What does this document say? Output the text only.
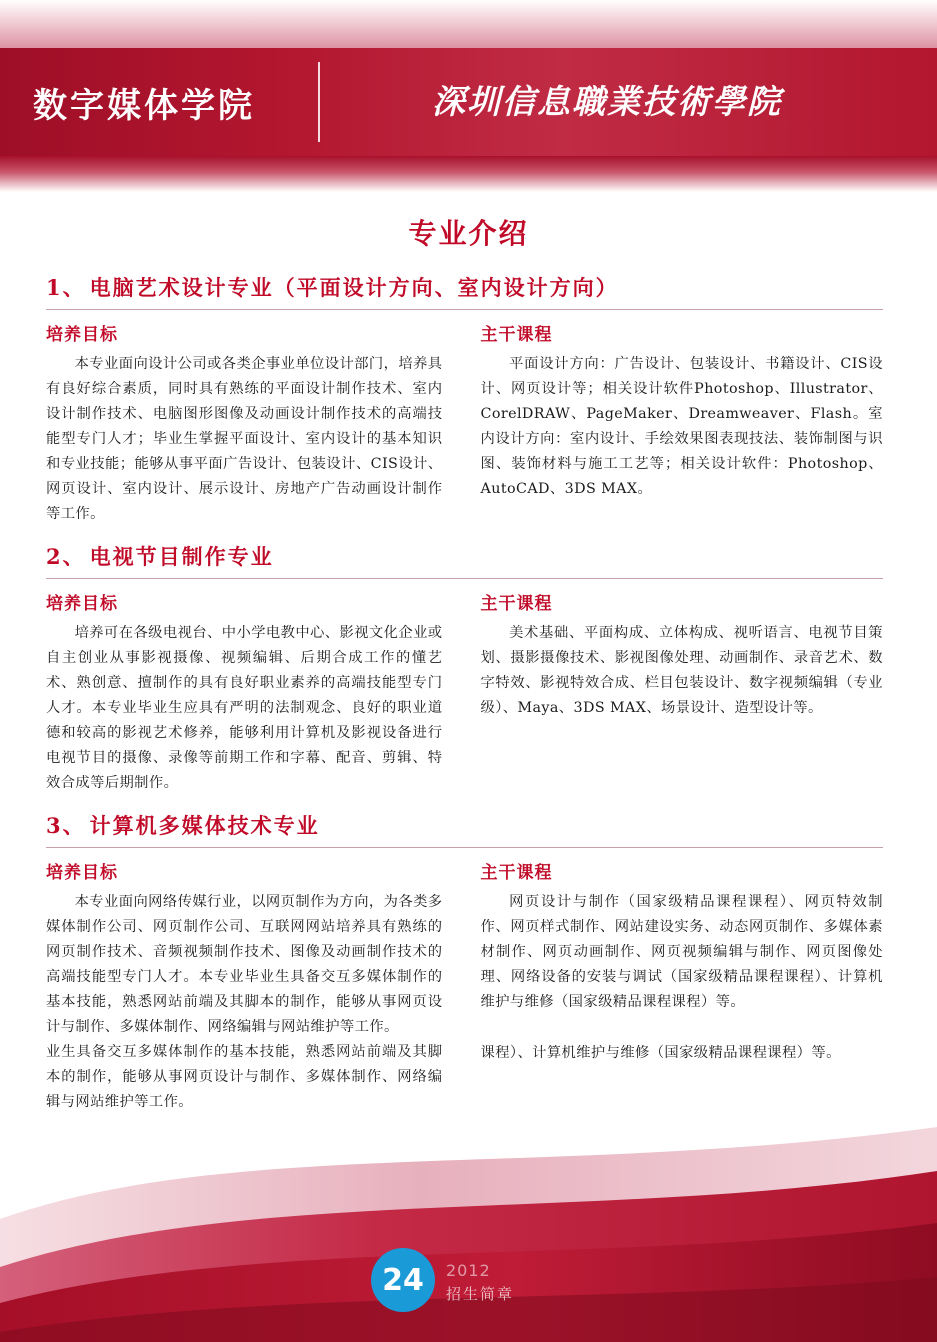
数字媒体学院	深圳信息職業技術學院
专业介绍
1、 电脑艺术设计专业（平面设计方向、室内设计方向）
培养目标
本专业面向设计公司或各类企事业单位设计部门，培养具有良好综合素质，同时具有熟练的平面设计制作技术、室内设计制作技术、电脑图形图像及动画设计制作技术的高端技能型专门人才；毕业生掌握平面设计、室内设计的基本知识和专业技能；能够从事平面广告设计、包装设计、CIS设计、网页设计、室内设计、展示设计、房地产广告动画设计制作等工作。
主干课程
平面设计方向：广告设计、包装设计、书籍设计、CIS设计、网页设计等；相关设计软件Photoshop、Illustrator、CorelDRAW、PageMaker、Dreamweaver、Flash。室内设计方向：室内设计、手绘效果图表现技法、装饰制图与识图、装饰材料与施工工艺等；相关设计软件：Photoshop、AutoCAD、3DS MAX。
2、 电视节目制作专业
培养目标
培养可在各级电视台、中小学电教中心、影视文化企业或自主创业从事影视摄像、视频编辑、后期合成工作的懂艺术、熟创意、擅制作的具有良好职业素养的高端技能型专门人才。本专业毕业生应具有严明的法制观念、良好的职业道德和较高的影视艺术修养，能够利用计算机及影视设备进行电视节目的摄像、录像等前期工作和字幕、配音、剪辑、特效合成等后期制作。
主干课程
美术基础、平面构成、立体构成、视听语言、电视节目策划、摄影摄像技术、影视图像处理、动画制作、录音艺术、数字特效、影视特效合成、栏目包装设计、数字视频编辑（专业级）、Maya、3DS MAX、场景设计、造型设计等。
3、 计算机多媒体技术专业
培养目标
本专业面向网络传媒行业，以网页制作为方向，为各类多媒体制作公司、网页制作公司、互联网网站培养具有熟练的网页制作技术、音频视频制作技术、图像及动画制作技术的高端技能型专门人才。本专业毕业生具备交互多媒体制作的基本技能，熟悉网站前端及其脚本的制作，能够从事网页设计与制作、多媒体制作、网络编辑与网站维护等工作。
业生具备交互多媒体制作的基本技能，熟悉网站前端及其脚本的制作，能够从事网页设计与制作、多媒体制作、网络编辑与网站维护等工作。
主干课程
网页设计与制作（国家级精品课程课程）、网页特效制作、网页样式制作、网站建设实务、动态网页制作、多媒体素材制作、网页动画制作、网页视频编辑与制作、网页图像处理、网络设备的安装与调试（国家级精品课程课程）、计算机维护与维修（国家级精品课程课程）等。
课程）、计算机维护与维修（国家级精品课程课程）等。
24	2012
招生简章
